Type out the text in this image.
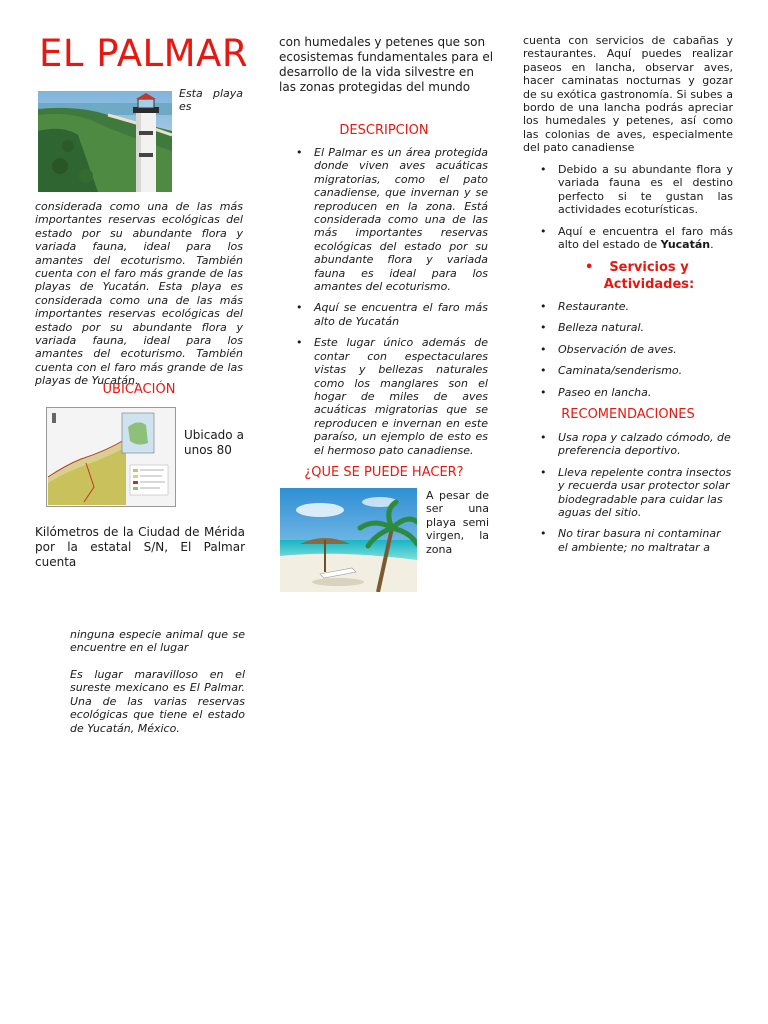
EL PALMAR
Esta playa es
considerada como una de las más importantes reservas ecológicas del estado por su abundante flora y variada fauna, ideal para los amantes del ecoturismo. También cuenta con el faro más grande de las playas de Yucatán. Esta playa es considerada como una de las más importantes reservas ecológicas del estado por su abundante flora y variada fauna, ideal para los amantes del ecoturismo. También cuenta con el faro más grande de las playas de Yucatán.
UBICACIÓN
Ubicado a unos 80
Kilómetros de la Ciudad de Mérida por la estatal S/N, El Palmar cuenta
ninguna especie animal que se encuentre en el lugar
Es lugar maravilloso en el sureste mexicano es El Palmar. Una de las varias reservas ecológicas que tiene el estado de Yucatán, México.
con humedales y petenes que son ecosistemas fundamentales para el desarrollo de la vida silvestre en las zonas protegidas del mundo
DESCRIPCION
• El Palmar es un área protegida donde viven aves acuáticas migratorias, como el pato canadiense, que invernan y se reproducen en la zona. Está considerada como una de las más importantes reservas ecológicas del estado por su abundante flora y variada fauna es ideal para los amantes del ecoturismo.
• Aquí se encuentra el faro más alto de Yucatán
• Este lugar único además de contar con espectaculares vistas y bellezas naturales como los manglares son el hogar de miles de aves acuáticas migratorias que se reproducen e invernan en este paraíso, un ejemplo de esto es el hermoso pato canadiense.
¿QUE SE PUEDE HACER?
A pesar de ser una playa semi virgen, la zona
cuenta con servicios de cabañas y restaurantes. Aquí puedes realizar paseos en lancha, observar aves, hacer caminatas nocturnas y gozar de su exótica gastronomía. Si subes a bordo de una lancha podrás apreciar los humedales y petenes, así como las colonias de aves, especialmente del pato canadiense
• Debido a su abundante flora y variada fauna es el destino perfecto si te gustan las actividades ecoturísticas.
• Aquí e encuentra el faro más alto del estado de Yucatán.
• Servicios y
Actividades:
• Restaurante.
• Belleza natural.
• Observación de aves.
• Caminata/senderismo.
• Paseo en lancha.
RECOMENDACIONES
• Usa ropa y calzado cómodo, de preferencia deportivo.
• Lleva repelente contra insectos y recuerda usar protector solar biodegradable para cuidar las aguas del sitio.
• No tirar basura ni contaminar el ambiente; no maltratar a
